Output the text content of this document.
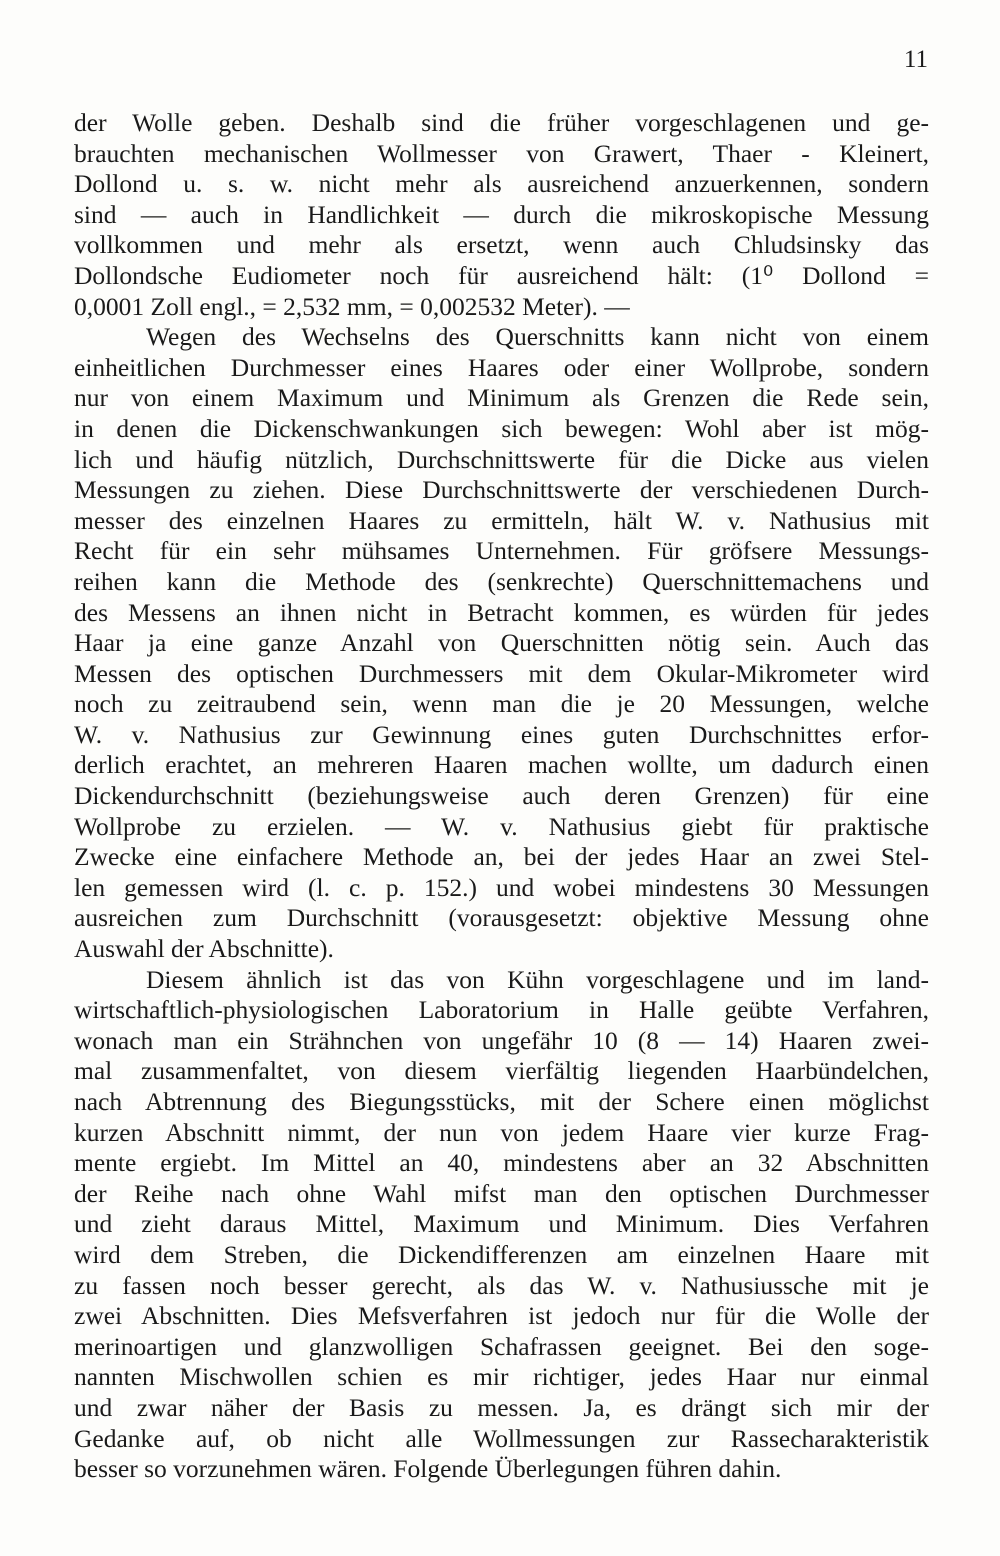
11

der Wolle geben. Deshalb sind die früher vorgeschlagenen und ge-
brauchten mechanischen Wollmesser von Grawert, Thaer - Kleinert,
Dollond u. s. w. nicht mehr als ausreichend anzuerkennen, sondern
sind — auch in Handlichkeit — durch die mikroskopische Messung
vollkommen und mehr als ersetzt, wenn auch Chludsinsky das
Dollondsche Eudiometer noch für ausreichend hält: (1⁰ Dollond =
0,0001 Zoll engl., = 2,532 mm, = 0,002532 Meter). —
Wegen des Wechselns des Querschnitts kann nicht von einem
einheitlichen Durchmesser eines Haares oder einer Wollprobe, sondern
nur von einem Maximum und Minimum als Grenzen die Rede sein,
in denen die Dickenschwankungen sich bewegen: Wohl aber ist mög-
lich und häufig nützlich, Durchschnittswerte für die Dicke aus vielen
Messungen zu ziehen. Diese Durchschnittswerte der verschiedenen Durch-
messer des einzelnen Haares zu ermitteln, hält W. v. Nathusius mit
Recht für ein sehr mühsames Unternehmen. Für gröfsere Messungs-
reihen kann die Methode des (senkrechte) Querschnittemachens und
des Messens an ihnen nicht in Betracht kommen, es würden für jedes
Haar ja eine ganze Anzahl von Querschnitten nötig sein. Auch das
Messen des optischen Durchmessers mit dem Okular-Mikrometer wird
noch zu zeitraubend sein, wenn man die je 20 Messungen, welche
W. v. Nathusius zur Gewinnung eines guten Durchschnittes erfor-
derlich erachtet, an mehreren Haaren machen wollte, um dadurch einen
Dickendurchschnitt (beziehungsweise auch deren Grenzen) für eine
Wollprobe zu erzielen. — W. v. Nathusius giebt für praktische
Zwecke eine einfachere Methode an, bei der jedes Haar an zwei Stel-
len gemessen wird (l. c. p. 152.) und wobei mindestens 30 Messungen
ausreichen zum Durchschnitt (vorausgesetzt: objektive Messung ohne
Auswahl der Abschnitte).
Diesem ähnlich ist das von Kühn vorgeschlagene und im land-
wirtschaftlich-physiologischen Laboratorium in Halle geübte Verfahren,
wonach man ein Strähnchen von ungefähr 10 (8 — 14) Haaren zwei-
mal zusammenfaltet, von diesem vierfältig liegenden Haarbündelchen,
nach Abtrennung des Biegungsstücks, mit der Schere einen möglichst
kurzen Abschnitt nimmt, der nun von jedem Haare vier kurze Frag-
mente ergiebt. Im Mittel an 40, mindestens aber an 32 Abschnitten
der Reihe nach ohne Wahl mifst man den optischen Durchmesser
und zieht daraus Mittel, Maximum und Minimum. Dies Verfahren
wird dem Streben, die Dickendifferenzen am einzelnen Haare mit
zu fassen noch besser gerecht, als das W. v. Nathusiussche mit je
zwei Abschnitten. Dies Mefsverfahren ist jedoch nur für die Wolle der
merinoartigen und glanzwolligen Schafrassen geeignet. Bei den soge-
nannten Mischwollen schien es mir richtiger, jedes Haar nur einmal
und zwar näher der Basis zu messen. Ja, es drängt sich mir der
Gedanke auf, ob nicht alle Wollmessungen zur Rassecharakteristik
besser so vorzunehmen wären. Folgende Überlegungen führen dahin.
